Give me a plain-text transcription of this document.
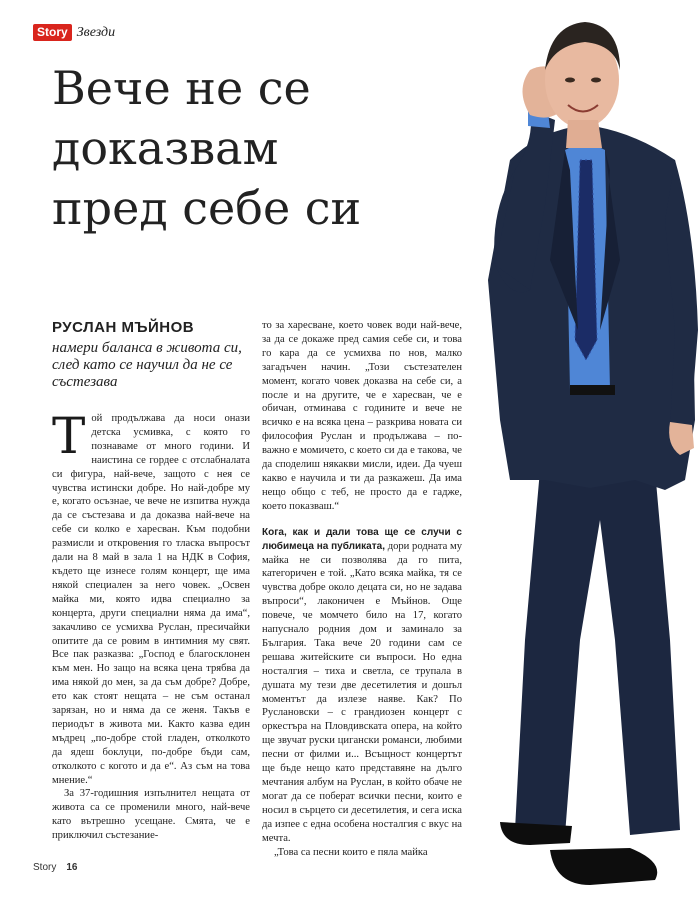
Story Звезди
Вече не се
доказвам
пред себе си
РУСЛАН МЪЙНОВ
намери баланса в живота си, след като се научил да не се състезава

Той продължава да носи онази детска усмивка, с която го познаваме от много години. И наистина се гордее с отслабналата си фигура, най-вече, защото с нея се чувства истински добре. Но най-добре му е, когато осъзнае, че вече не изпитва нужда да се състезава и да доказва най-вече на себе си колко е харесван. Към подобни размисли и откровения го тласка въпросът дали на 8 май в зала 1 на НДК в София, където ще изнесе голям концерт, ще има някой специален за него човек. „Освен майка ми, която идва специално за концерта, други специални няма да има“, закачливо се усмихва Руслан, пресичайки опитите да се ровим в интимния му свят. Все пак разказва: „Господ е благосклонен към мен. Но защо на всяка цена трябва да има някой до мен, за да съм добре? Добре, ето как стоят нещата – не съм останал зарязан, но и няма да се женя. Такъв е периодът в живота ми. Както казва един мъдрец „по-добре стой гладен, отколкото да ядеш боклуци, по-добре бъди сам, отколкото с когото и да е“. Аз съм на това мнение.“

За 37-годишния изпълнител нещата от живота са се променили много, най-вече като вътрешно усещане. Смята, че е приключил състезание-

то за харесване, което човек води най-вече, за да се докаже пред самия себе си, и това го кара да се усмихва по нов, малко загадъчен начин. „Този състезателен момент, когато човек доказва на себе си, а после и на другите, че е харесван, че е обичан, отминава с годините и вече не всичко е на всяка цена – разкрива новата си философия Руслан и продължава – по-важно е момичето, с което си да е такова, че да споделиш някакви мисли, идеи. Да чуеш какво е научила и ти да разкажеш. Да има нещо общо с теб, не просто да е гадже, което показваш.“

Кога, как и дали това ще се случи с любимеца на публиката, дори родната му майка не си позволява да го пита, категоричен е той. „Като всяка майка, тя се чувства добре около децата си, но не задава въпроси“, лаконичен е Мъйнов. Още повече, че момчето било на 17, когато напуснало родния дом и заминало за България. Така вече 20 години сам се решава житейските си въпроси. Но една носталгия – тиха и светла, се трупала в душата му тези две десетилетия и дошъл моментът да излезе наяве. Как? По Руслановски – с грандиозен концерт с оркестъра на Пловдивската опера, на който ще звучат руски цигански романси, любими песни от филми и... Всъщност концертът ще бъде нещо като представяне на дълго мечтания албум на Руслан, в който обаче не могат да се поберат всички песни, които е носил в сърцето си десетилетия, и сега иска да изпее с една особена носталгия с вкус на мечта.

„Това са песни които е пяла майка

Story 16
